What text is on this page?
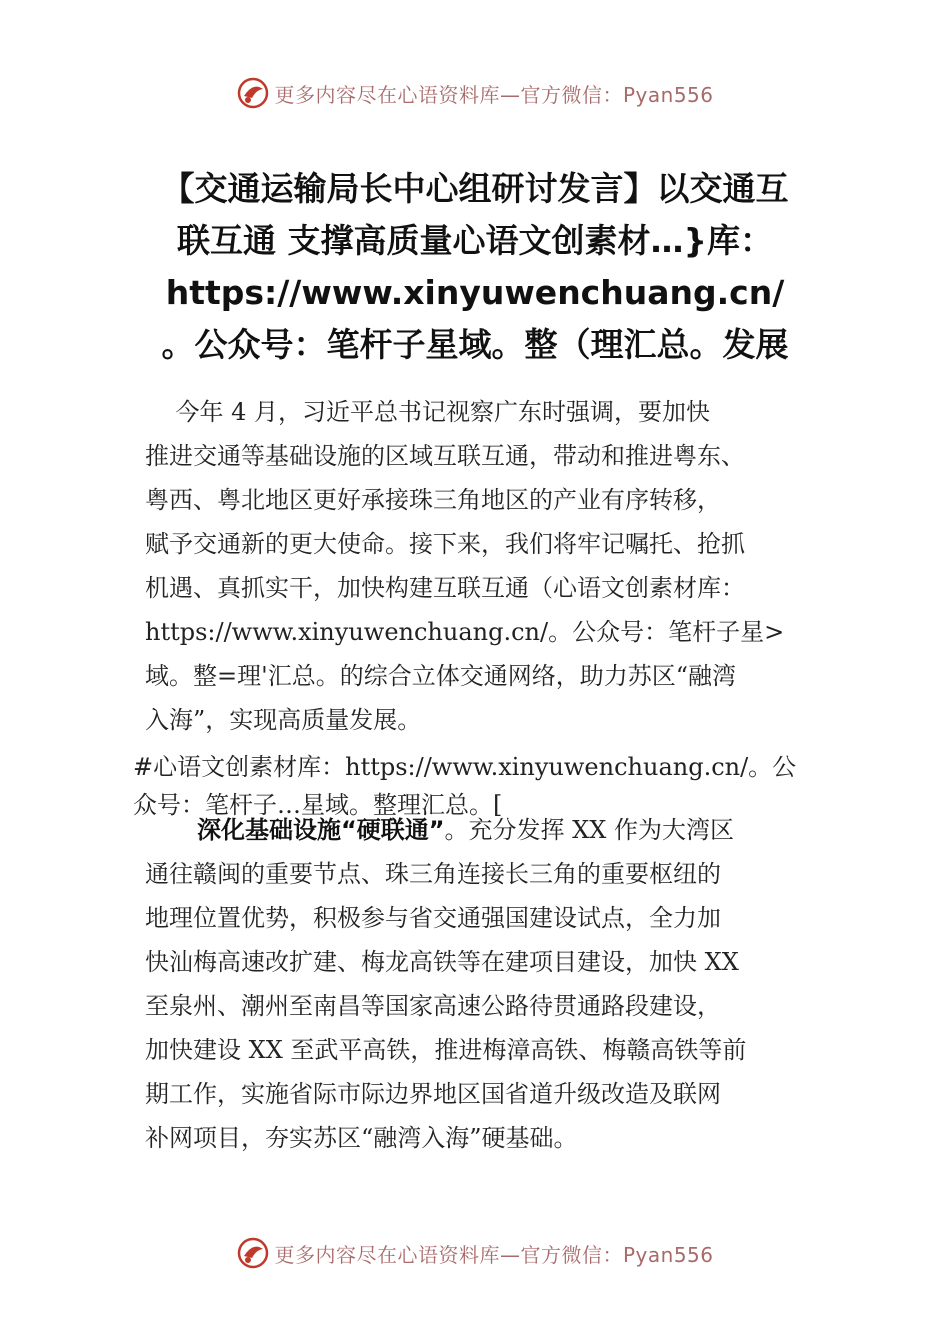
更多内容尽在心语资料库—官方微信：Pyan556
【交通运输局长中心组研讨发言】以交通互
联互通 支撑高质量心语文创素材…}库：
https://www.xinyuwenchuang.cn/
。公众号：笔杆子星域。整（理汇总。发展
今年 4 月，习近平总书记视察广东时强调，要加快
推进交通等基础设施的区域互联互通，带动和推进粤东、
粤西、粤北地区更好承接珠三角地区的产业有序转移，
赋予交通新的更大使命。接下来，我们将牢记嘱托、抢抓
机遇、真抓实干，加快构建互联互通（心语文创素材库：
https://www.xinyuwenchuang.cn/。公众号：笔杆子星>
域。整=理'汇总。的综合立体交通网络，助力苏区“融湾
入海”，实现高质量发展。
#心语文创素材库：https://www.xinyuwenchuang.cn/。公
众号：笔杆子…星域。整理汇总。[
深化基础设施“硬联通”。充分发挥 XX 作为大湾区
通往赣闽的重要节点、珠三角连接长三角的重要枢纽的
地理位置优势，积极参与省交通强国建设试点，全力加
快汕梅高速改扩建、梅龙高铁等在建项目建设，加快 XX
至泉州、潮州至南昌等国家高速公路待贯通路段建设，
加快建设 XX 至武平高铁，推进梅漳高铁、梅赣高铁等前
期工作，实施省际市际边界地区国省道升级改造及联网
补网项目，夯实苏区“融湾入海”硬基础。
更多内容尽在心语资料库—官方微信：Pyan556
